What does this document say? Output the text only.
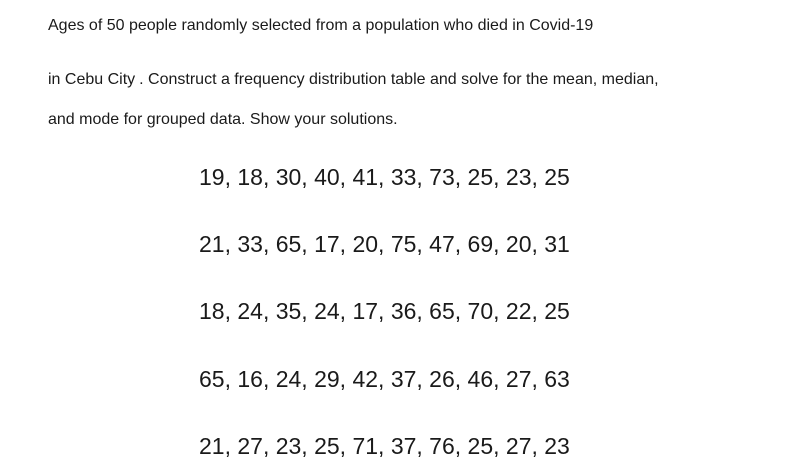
Ages of 50 people randomly selected from a population who died in Covid-19

in Cebu City . Construct a frequency distribution table and solve for the mean, median,

and mode for grouped data. Show your solutions.

19, 18, 30, 40, 41, 33, 73, 25, 23, 25

21, 33, 65, 17, 20, 75, 47, 69, 20, 31

18, 24, 35, 24, 17, 36, 65, 70, 22, 25

65, 16, 24, 29, 42, 37, 26, 46, 27, 63

21, 27, 23, 25, 71, 37, 76, 25, 27, 23
